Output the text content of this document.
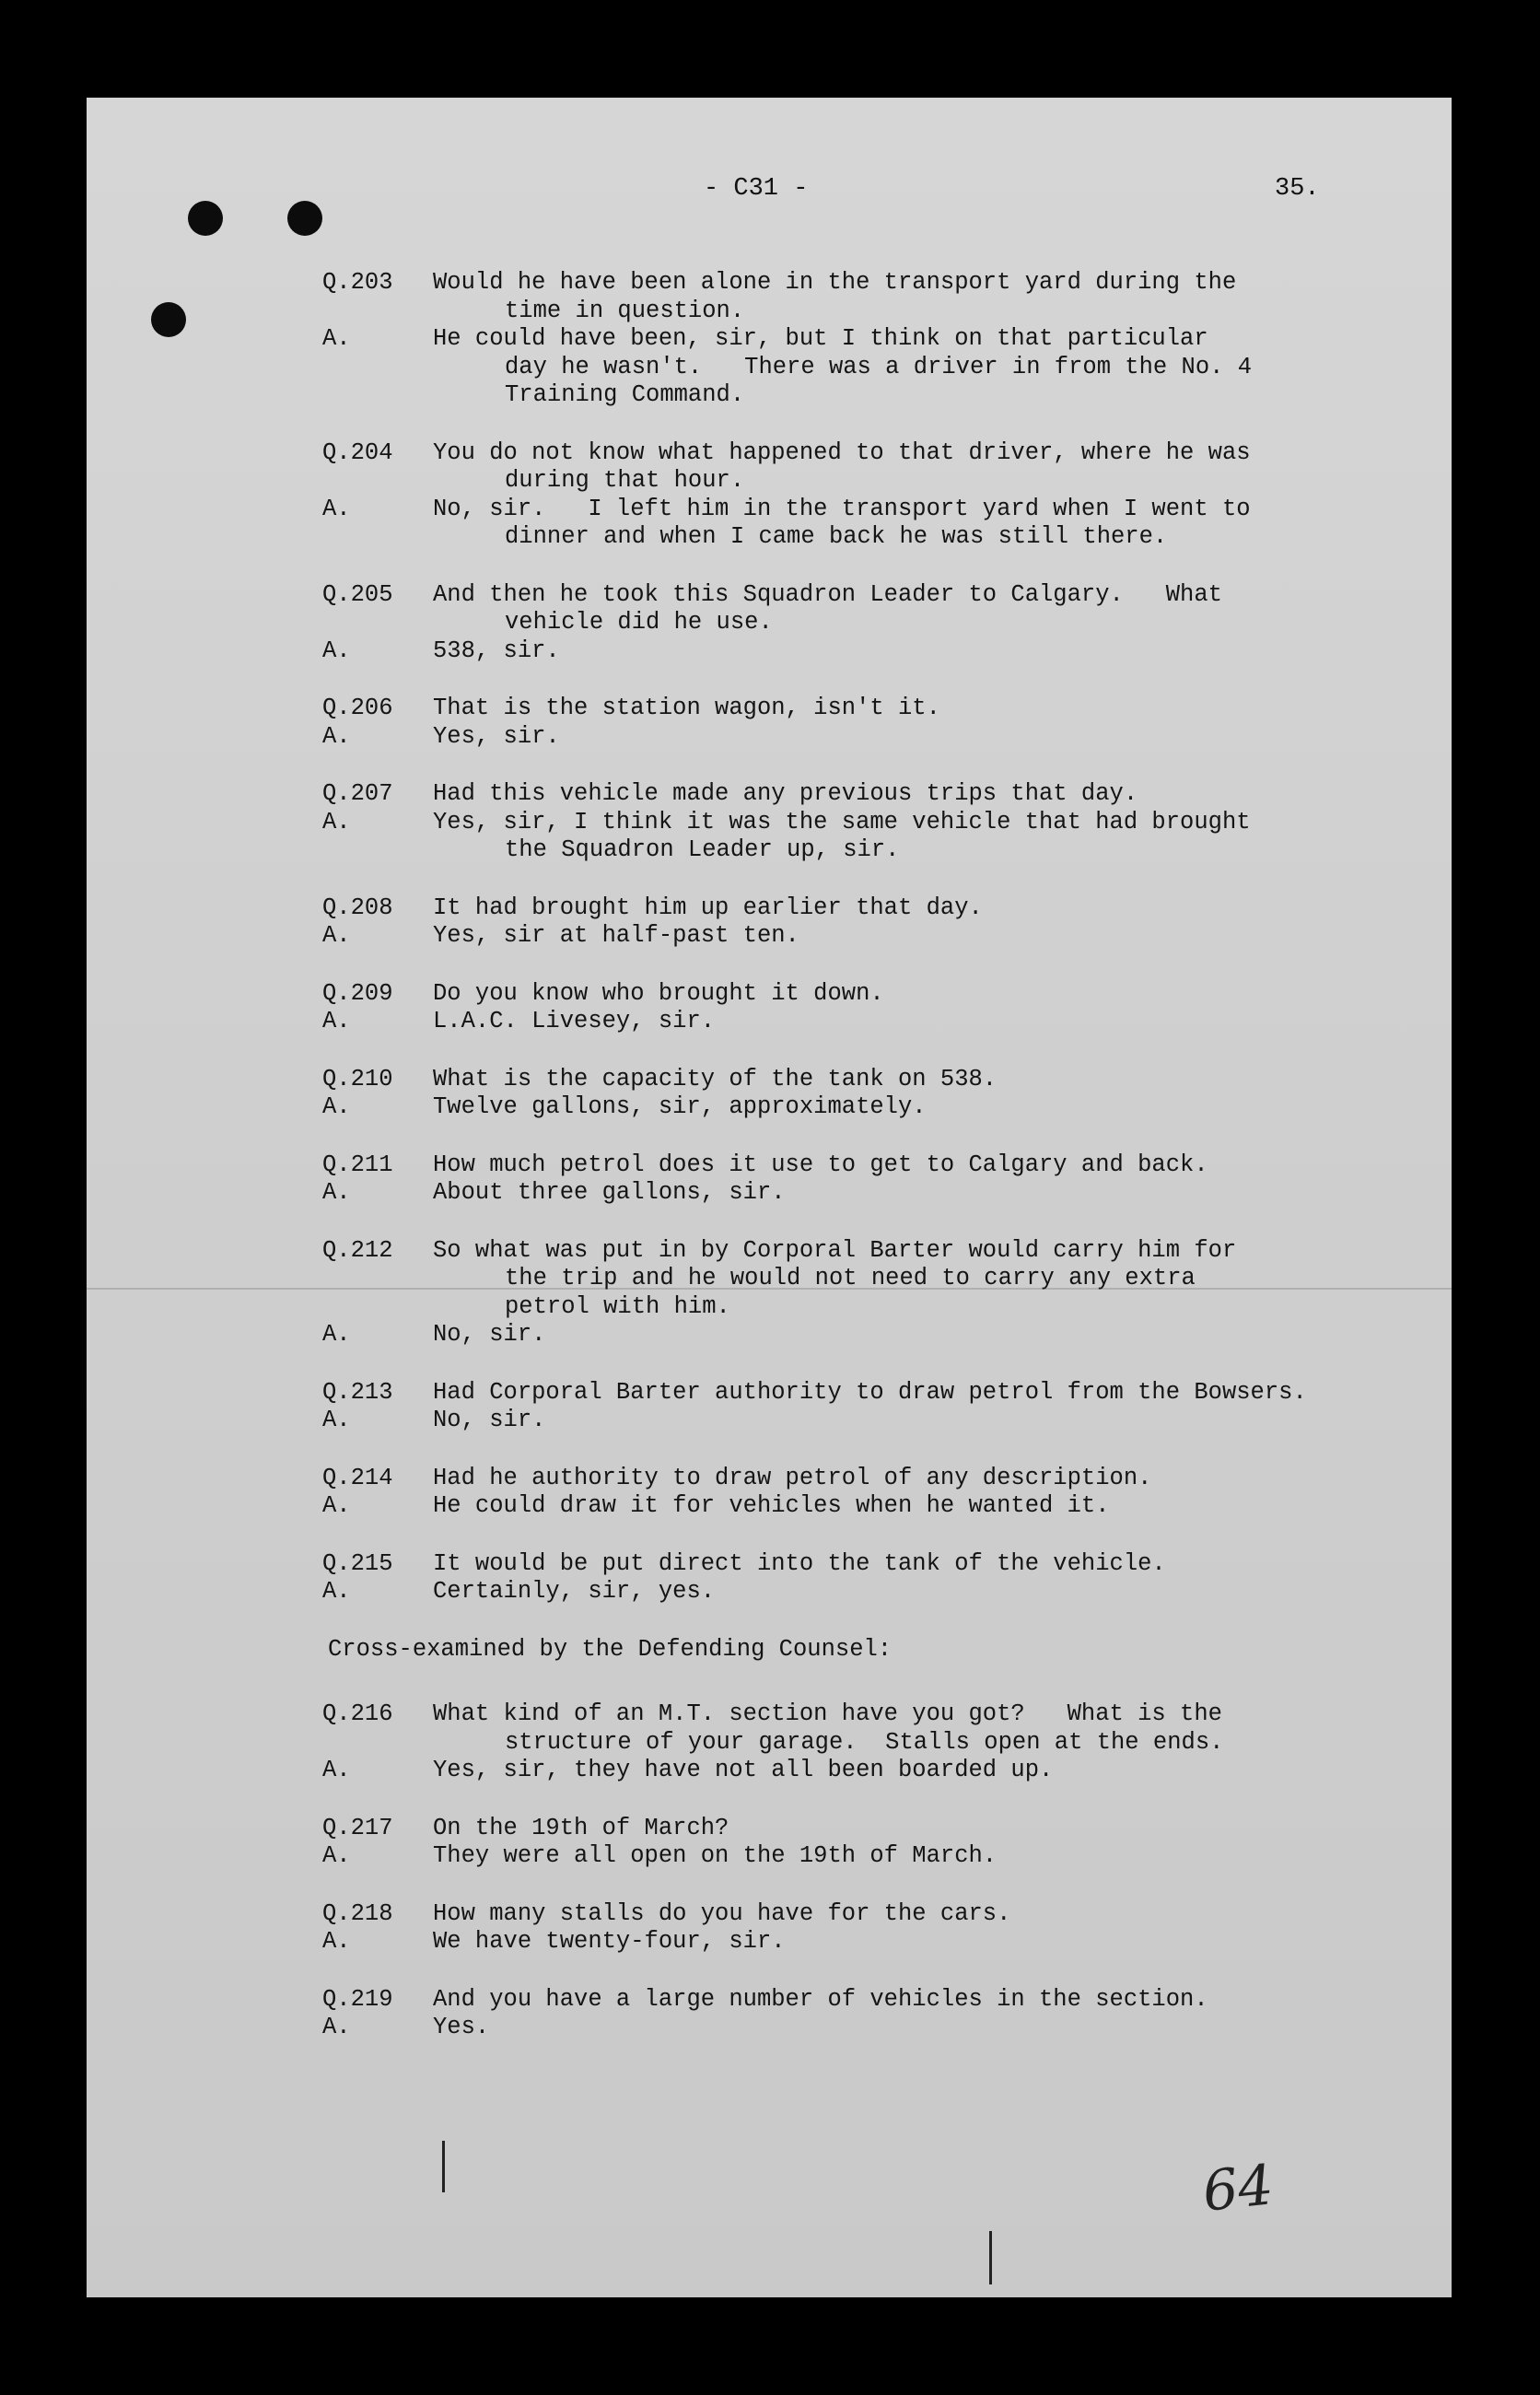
- C31 -	35.
64
Q.203	Would he have been alone in the transport yard during the
time in question.
A.	He could have been, sir, but I think on that particular
day he wasn't.   There was a driver in from the No. 4
Training Command.
Q.204	You do not know what happened to that driver, where he was
during that hour.
A.	No, sir.   I left him in the transport yard when I went to
dinner and when I came back he was still there.
Q.205	And then he took this Squadron Leader to Calgary.   What
vehicle did he use.
A.	538, sir.
Q.206	That is the station wagon, isn't it.
A.	Yes, sir.
Q.207	Had this vehicle made any previous trips that day.
A.	Yes, sir, I think it was the same vehicle that had brought
the Squadron Leader up, sir.
Q.208	It had brought him up earlier that day.
A.	Yes, sir at half-past ten.
Q.209	Do you know who brought it down.
A.	L.A.C. Livesey, sir.
Q.210	What is the capacity of the tank on 538.
A.	Twelve gallons, sir, approximately.
Q.211	How much petrol does it use to get to Calgary and back.
A.	About three gallons, sir.
Q.212	So what was put in by Corporal Barter would carry him for
the trip and he would not need to carry any extra
petrol with him.
A.	No, sir.
Q.213	Had Corporal Barter authority to draw petrol from the Bowsers.
A.	No, sir.
Q.214	Had he authority to draw petrol of any description.
A.	He could draw it for vehicles when he wanted it.
Q.215	It would be put direct into the tank of the vehicle.
A.	Certainly, sir, yes.
Cross-examined by the Defending Counsel:
Q.216	What kind of an M.T. section have you got?   What is the
structure of your garage.  Stalls open at the ends.
A.	Yes, sir, they have not all been boarded up.
Q.217	On the 19th of March?
A.	They were all open on the 19th of March.
Q.218	How many stalls do you have for the cars.
A.	We have twenty-four, sir.
Q.219	And you have a large number of vehicles in the section.
A.	Yes.
